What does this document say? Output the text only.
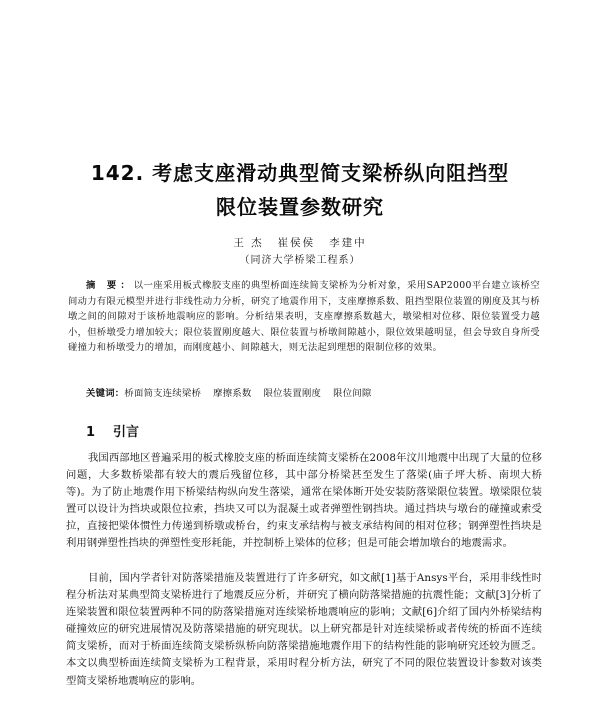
142. 考虑支座滑动典型简支梁桥纵向阻挡型
限位装置参数研究
王 杰 崔侯侯 李建中
（同济大学桥梁工程系）
摘 要：以一座采用板式橡胶支座的典型桥面连续简支梁桥为分析对象，采用SAP2000平台建立该桥空间动力有限元模型并进行非线性动力分析，研究了地震作用下，支座摩擦系数、阻挡型限位装置的刚度及其与桥墩之间的间隙对于该桥地震响应的影响。分析结果表明，支座摩擦系数越大，墩梁相对位移、限位装置受力越小，但桥墩受力增加较大；限位装置刚度越大、限位装置与桥墩间隙越小，限位效果越明显，但会导致自身所受碰撞力和桥墩受力的增加，而刚度越小、间隙越大，则无法起到理想的限制位移的效果。
关键词：桥面简支连续梁桥 摩擦系数 限位装置刚度 限位间隙
1 引言
我国西部地区普遍采用的板式橡胶支座的桥面连续简支梁桥在2008年汶川地震中出现了大量的位移问题，大多数桥梁都有较大的震后残留位移，其中部分桥梁甚至发生了落梁(庙子坪大桥、南坝大桥等)。为了防止地震作用下桥梁结构纵向发生落梁，通常在梁体断开处安装防落梁限位装置。墩梁限位装置可以设计为挡块或限位拉索，挡块又可以为混凝土或者弹塑性钢挡块。通过挡块与墩台的碰撞或索受拉，直接把梁体惯性力传递到桥墩或桥台，约束支承结构与被支承结构间的相对位移；钢弹塑性挡块是利用钢弹塑性挡块的弹塑性变形耗能，并控制桥上梁体的位移；但是可能会增加墩台的地震需求。
目前，国内学者针对防落梁措施及装置进行了许多研究，如文献[1]基于Ansys平台，采用非线性时程分析法对某典型简支梁桥进行了地震反应分析，并研究了横向防落梁措施的抗震性能；文献[3]分析了连梁装置和限位装置两种不同的防落梁措施对连续梁桥地震响应的影响；文献[6]介绍了国内外桥梁结构碰撞效应的研究进展情况及防落梁措施的研究现状。以上研究都是针对连续梁桥或者传统的桥面不连续简支梁桥，而对于桥面连续简支梁桥纵桥向防落梁措施地震作用下的结构性能的影响研究还较为匮乏。本文以典型桥面连续简支梁桥为工程背景，采用时程分析方法，研究了不同的限位装置设计参数对该类型简支梁桥地震响应的影响。
